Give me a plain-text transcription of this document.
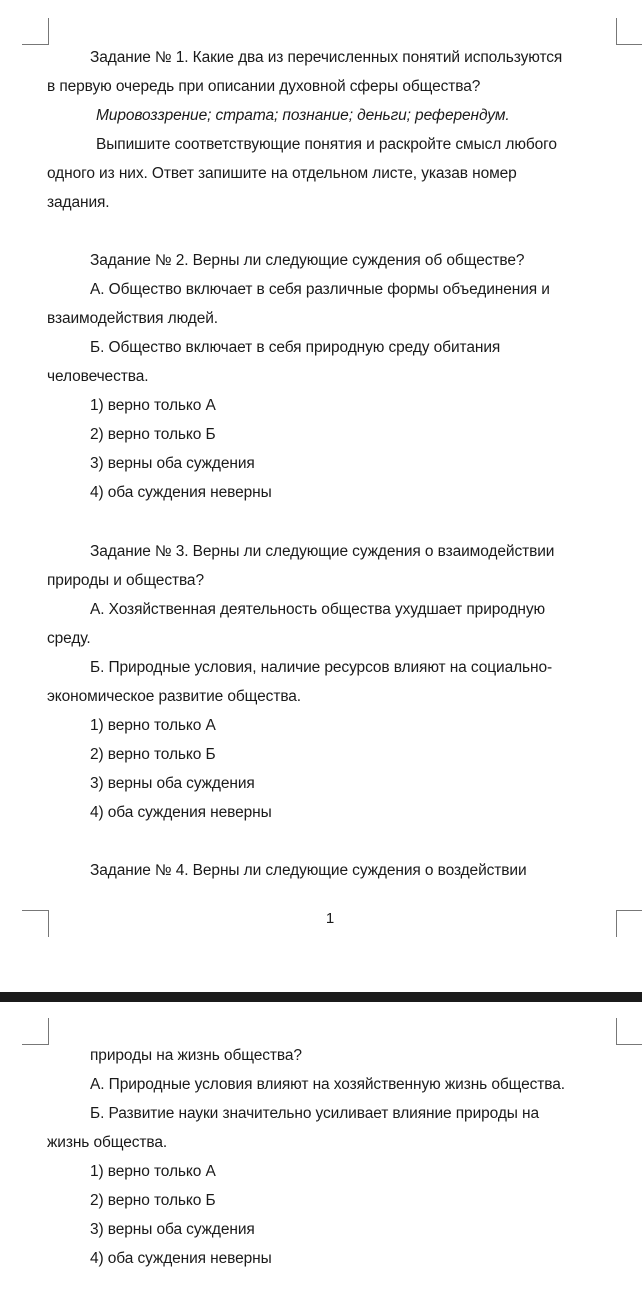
Задание № 1. Какие два из перечисленных понятий используются
в первую очередь при описании духовной сферы общества?
Мировоззрение; страта; познание; деньги; референдум.
Выпишите соответствующие понятия и раскройте смысл любого
одного из них. Ответ запишите на отдельном листе, указав номер
задания.
Задание № 2. Верны ли следующие суждения об обществе?
А. Общество включает в себя различные формы объединения и
взаимодействия людей.
Б. Общество включает в себя природную среду обитания
человечества.
1) верно только А
2) верно только Б
3) верны оба суждения
4) оба суждения неверны
Задание № 3. Верны ли следующие суждения о взаимодействии
природы и общества?
А. Хозяйственная деятельность общества ухудшает природную
среду.
Б. Природные условия, наличие ресурсов влияют на социально-
экономическое развитие общества.
1) верно только А
2) верно только Б
3) верны оба суждения
4) оба суждения неверны
Задание № 4. Верны ли следующие суждения о воздействии
1
природы на жизнь общества?
А. Природные условия влияют на хозяйственную жизнь общества.
Б. Развитие науки значительно усиливает влияние природы на
жизнь общества.
1) верно только А
2) верно только Б
3) верны оба суждения
4) оба суждения неверны
